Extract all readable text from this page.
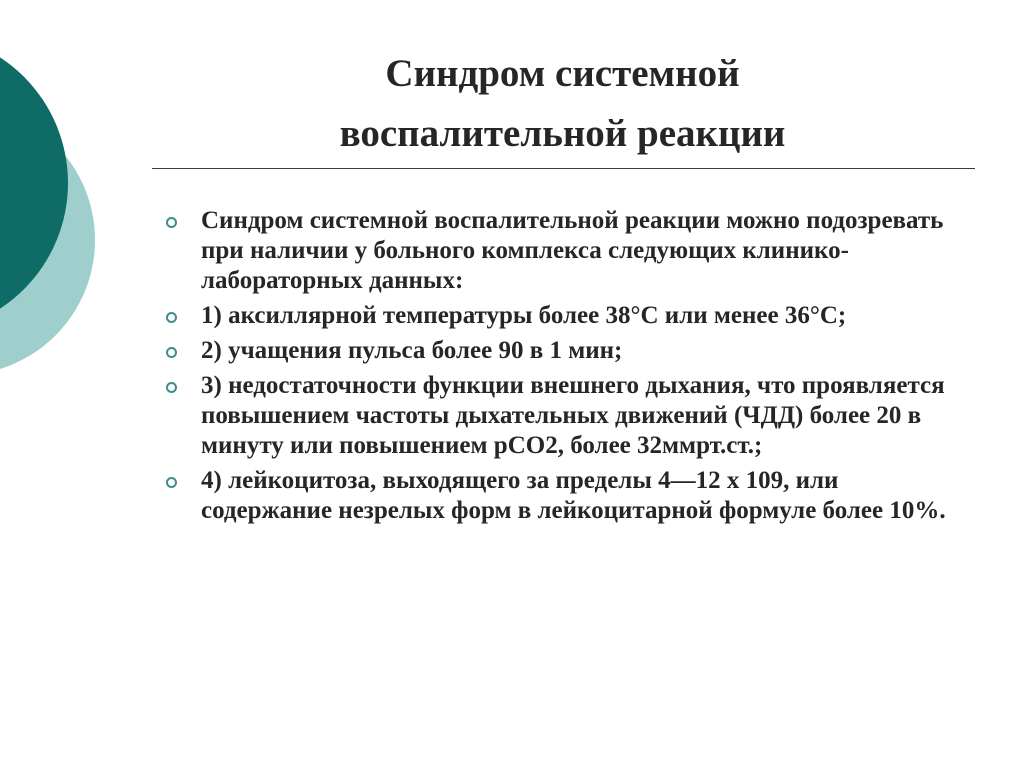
Синдром системной
воспалительной реакции
Синдром системной воспалительной реакции можно подозревать при наличии у больного комплекса следующих клинико-лабораторных данных:
1) аксиллярной температуры более 38°С или менее 36°С;
2) учащения пульса более 90 в 1 мин;
3) недостаточности функции внешнего дыхания, что проявляется повышением частоты дыхательных движений (ЧДД) более 20 в минуту или повышением рСО2, более 32ммрт.ст.;
4) лейкоцитоза, выходящего за пределы 4—12 х 109, или содержание незрелых форм в лейкоцитарной формуле более 10%.
